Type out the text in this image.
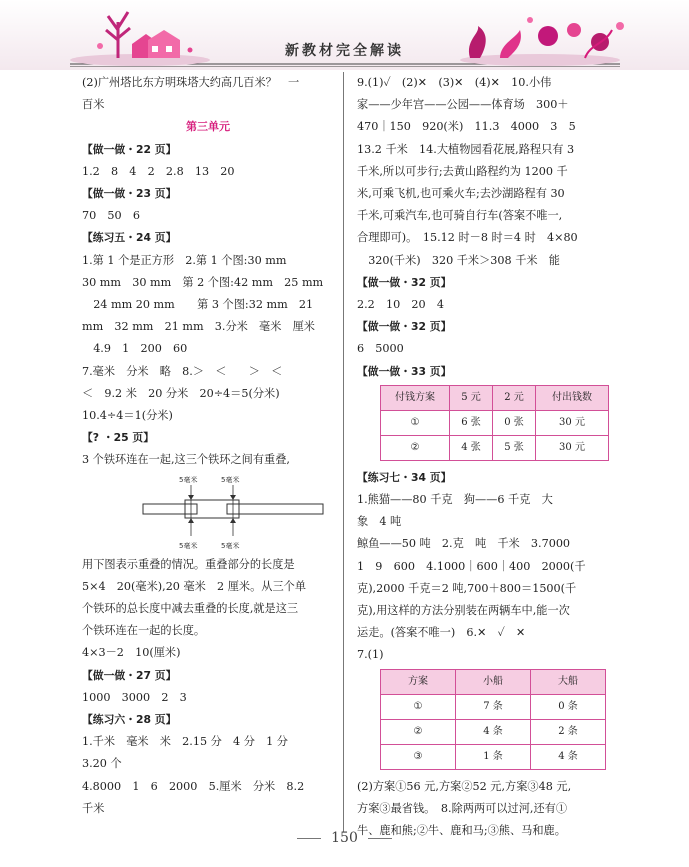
新教材完全解读
(2)广州塔比东方明珠塔大约高几百米？　一
百米
第三单元
【做一做・22 页】
1.2　8　4　2　2.8　13　20
【做一做・23 页】
70　50　6
【练习五・24 页】
1.第 1 个是正方形　2.第 1 个图:30 mm
30 mm　30 mm　第 2 个图:42 mm　25 mm
　24 mm 20 mm　　第 3 个图:32 mm　21
mm　32 mm　21 mm　3.分米　毫米　厘米
　4.9　1　200　60
7.毫米　分米　略　8.＞　＜　　＞　＜
＜　9.2 米　20 分米　20÷4＝5(分米)
10.4÷4＝1(分米)
【? ・25 页】
3 个铁环连在一起,这三个铁环之间有重叠,
5毫米	5毫米
5毫米	5毫米
用下图表示重叠的情况。重叠部分的长度是
5×4　20(毫米),20 毫米　2 厘米。从三个单
个铁环的总长度中减去重叠的长度,就是这三
个铁环连在一起的长度。
4×3－2　10(厘米)
【做一做・27 页】
1000　3000　2　3
【练习六・28 页】
1.千米　毫米　米　2.15 分　4 分　1 分
3.20 个
4.8000　1　6　2000　5.厘米　分米　8.2
千米
9.(1)✓　(2)✕　(3)✕　(4)✕　10.小伟
家——少年宫——公园——体育场　300＋
470｜150　920(米)　11.3　4000　3　5
13.2 千米　14.大植物园看花展,路程只有 3
千米,所以可步行;去黄山路程约为 1200 千
米,可乘飞机,也可乘火车;去沙湖路程有 30
千米,可乘汽车,也可骑自行车(答案不唯一,
合理即可)。　15.12 时－8 时＝4 时　4×80
　320(千米)　320 千米＞308 千米　能
【做一做・32 页】
2.2　10　20　4
【做一做・32 页】
6　5000
【做一做・33 页】
付钱方案	5 元	2 元	付出钱数
①	6 张	0 张	30 元
②	4 张	5 张	30 元
【练习七・34 页】
1.熊猫——80 千克　狗——6 千克　大
象　4 吨
鲸鱼——50 吨　2.克　吨　千米　3.7000
1　9　600　4.1000｜600｜400　2000(千
克),2000 千克＝2 吨,700＋800＝1500(千
克),用这样的方法分别装在两辆车中,能一次
运走。(答案不唯一)　6.✕　✓　✕
7.(1)
方案	小船	大船
①	7 条	0 条
②	4 条	2 条
③	1 条	4 条
(2)方案①56 元,方案②52 元,方案③48 元,
方案③最省钱。　8.除两两可以过河,还有①
牛、鹿和熊;②牛、鹿和马;③熊、马和鹿。
150
